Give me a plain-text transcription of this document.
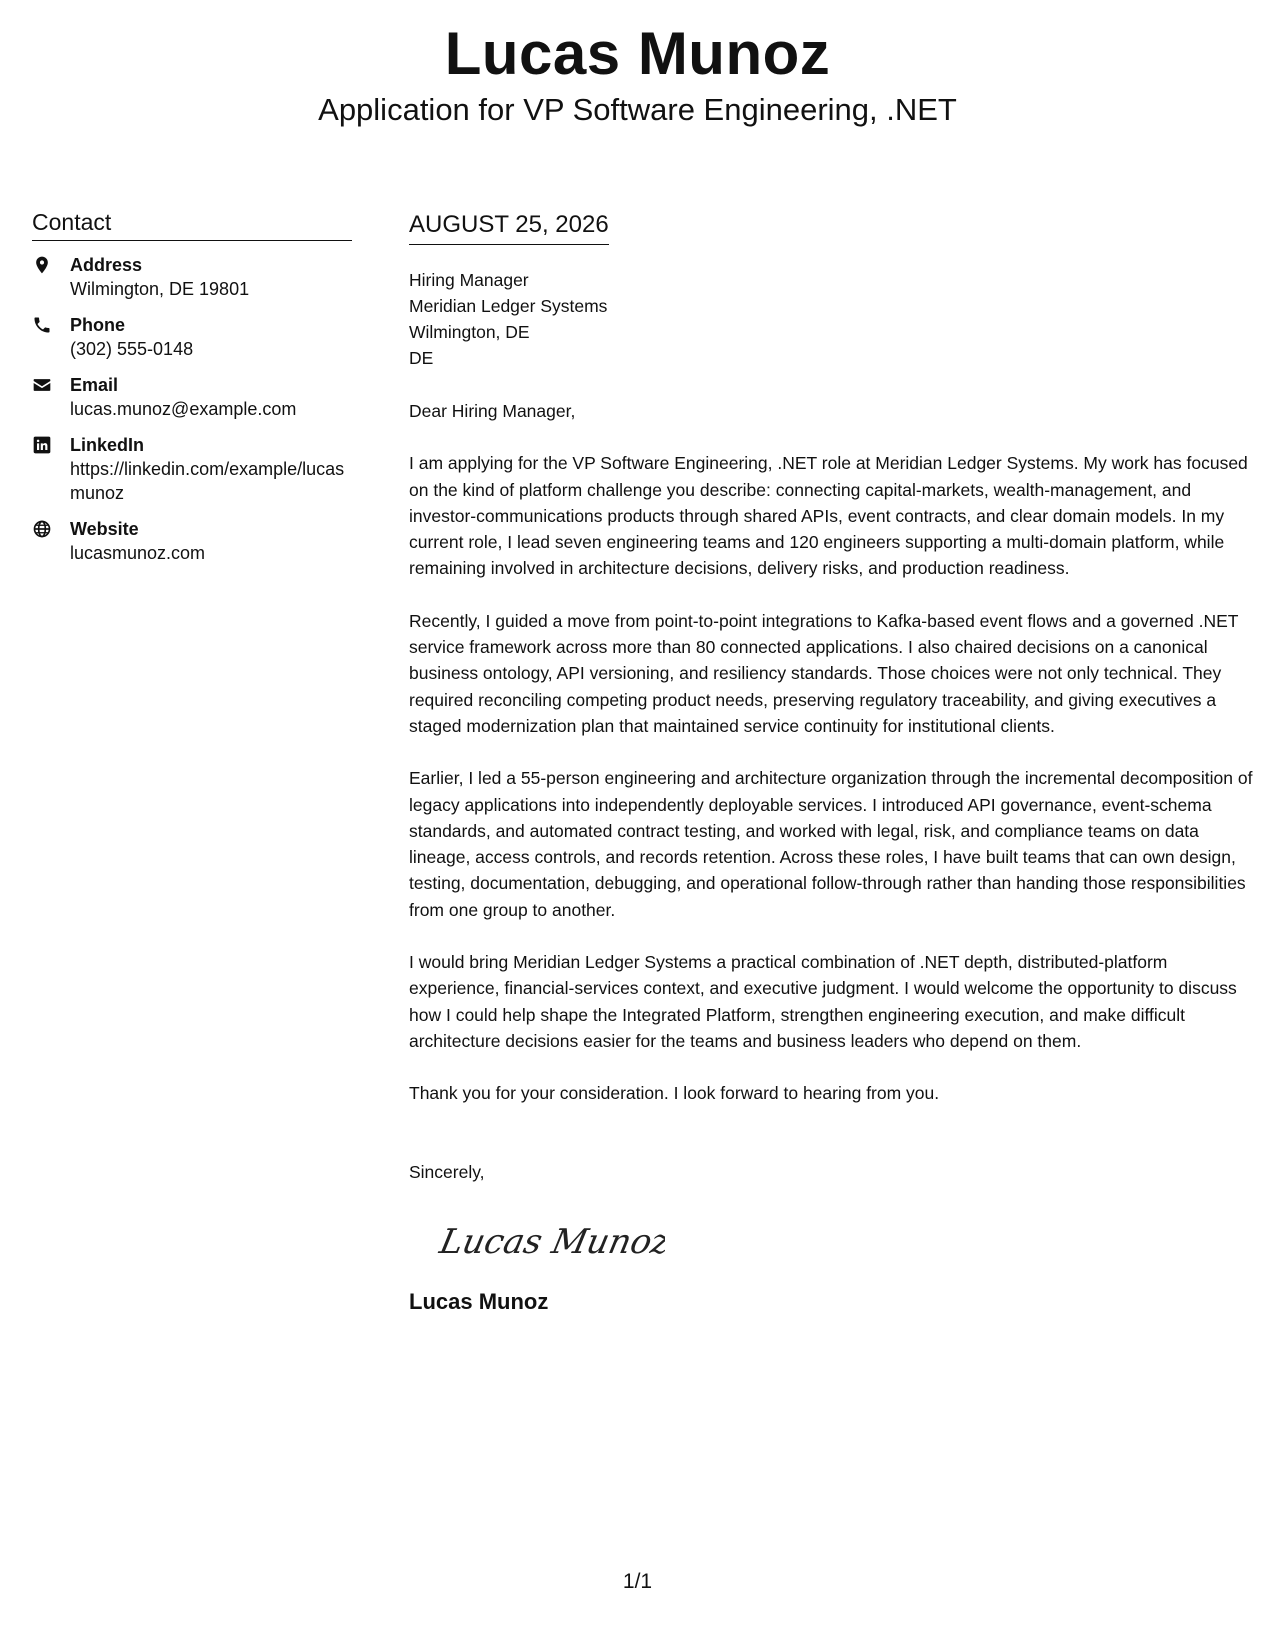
Lucas Munoz

Application for VP Software Engineering, .NET

Contact
Address
Wilmington, DE 19801
Phone
(302) 555-0148
Email
lucas.munoz@example.com
LinkedIn
https://linkedin.com/example/lucasmunoz
Website
lucasmunoz.com
AUGUST 25, 2026
Hiring Manager
Meridian Ledger Systems
Wilmington, DE
DE
Dear Hiring Manager,
I am applying for the VP Software Engineering, .NET role at Meridian Ledger Systems. My work has focused on the kind of platform challenge you describe: connecting capital-markets, wealth-management, and investor-communications products through shared APIs, event contracts, and clear domain models. In my current role, I lead seven engineering teams and 120 engineers supporting a multi-domain platform, while remaining involved in architecture decisions, delivery risks, and production readiness.
Recently, I guided a move from point-to-point integrations to Kafka-based event flows and a governed .NET service framework across more than 80 connected applications. I also chaired decisions on a canonical business ontology, API versioning, and resiliency standards. Those choices were not only technical. They required reconciling competing product needs, preserving regulatory traceability, and giving executives a staged modernization plan that maintained service continuity for institutional clients.
Earlier, I led a 55-person engineering and architecture organization through the incremental decomposition of legacy applications into independently deployable services. I introduced API governance, event-schema standards, and automated contract testing, and worked with legal, risk, and compliance teams on data lineage, access controls, and records retention. Across these roles, I have built teams that can own design, testing, documentation, debugging, and operational follow-through rather than handing those responsibilities from one group to another.
I would bring Meridian Ledger Systems a practical combination of .NET depth, distributed-platform experience, financial-services context, and executive judgment. I would welcome the opportunity to discuss how I could help shape the Integrated Platform, strengthen engineering execution, and make difficult architecture decisions easier for the teams and business leaders who depend on them.
Thank you for your consideration. I look forward to hearing from you.
Sincerely,
Lucas Munoz
Lucas Munoz
1/1
